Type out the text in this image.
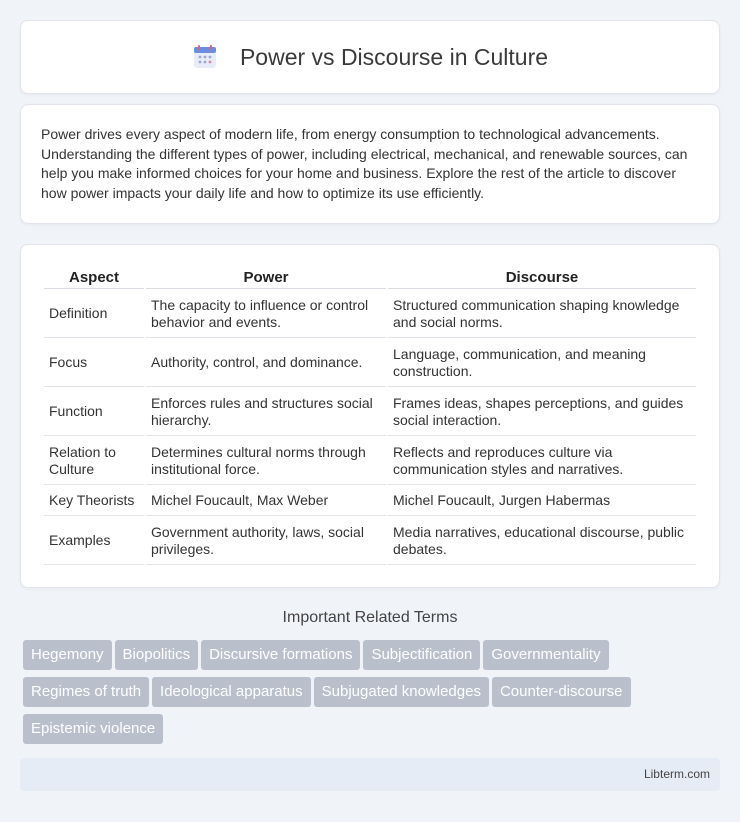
Power vs Discourse in Culture

Power drives every aspect of modern life, from energy consumption to technological advancements. Understanding the different types of power, including electrical, mechanical, and renewable sources, can help you make informed choices for your home and business. Explore the rest of the article to discover how power impacts your daily life and how to optimize its use efficiently.

Aspect	Power	Discourse
Definition	The capacity to influence or control behavior and events.	Structured communication shaping knowledge and social norms.
Focus	Authority, control, and dominance.	Language, communication, and meaning construction.
Function	Enforces rules and structures social hierarchy.	Frames ideas, shapes perceptions, and guides social interaction.
Relation to Culture	Determines cultural norms through institutional force.	Reflects and reproduces culture via communication styles and narratives.
Key Theorists	Michel Foucault, Max Weber	Michel Foucault, Jurgen Habermas
Examples	Government authority, laws, social privileges.	Media narratives, educational discourse, public debates.
Important Related Terms
Hegemony Biopolitics Discursive formations Subjectification Governmentality
Regimes of truth Ideological apparatus Subjugated knowledges Counter-discourse
Epistemic violence
Libterm.com
